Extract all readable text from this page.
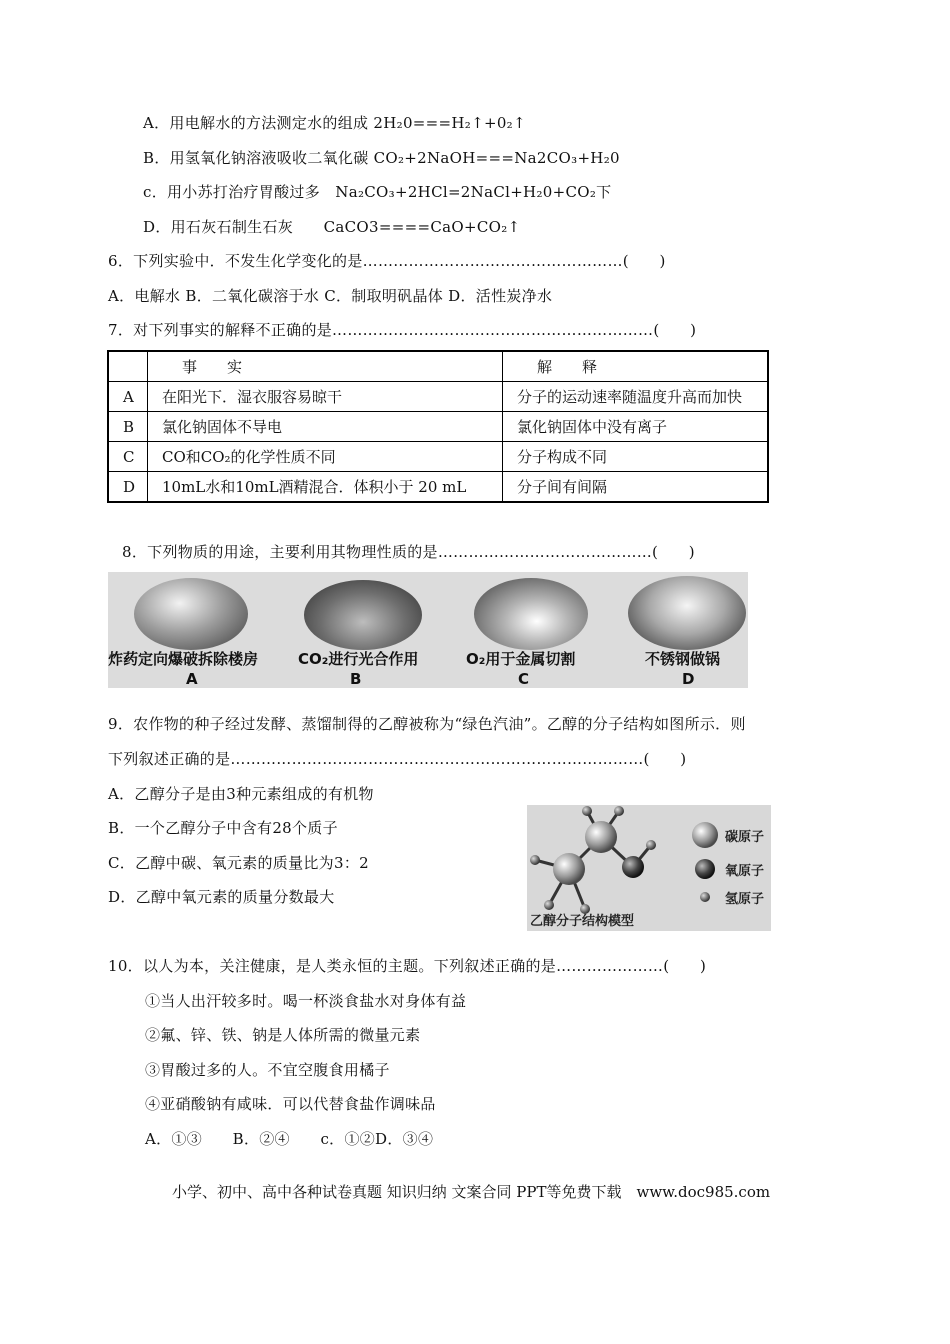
A．用电解水的方法测定水的组成 2H₂0===H₂↑+0₂↑
B．用氢氧化钠溶液吸收二氧化碳 CO₂+2NaOH===Na2CO₃+H₂0
c．用小苏打治疗胃酸过多　Na₂CO₃+2HCl=2NaCl+H₂0+CO₂下
D．用石灰石制生石灰　　CaCO3====CaO+CO₂↑
6．下列实验中．不发生化学变化的是……………………………………………(　　)
A．电解水 B．二氧化碳溶于水 C．制取明矾晶体 D．活性炭净水
7．对下列事实的解释不正确的是………………………………………………………(　　)
	事　　实	解　　释
A	在阳光下．湿衣服容易晾干	分子的运动速率随温度升高而加快
B	氯化钠固体不导电	氯化钠固体中没有离子
C	CO和CO₂的化学性质不同	分子构成不同
D	10mL水和10mL酒精混合．体积小于 20 mL	分子间有间隔
8．下列物质的用途，主要利用其物理性质的是……………………………………(　　)
炸药定向爆破拆除楼房	CO₂进行光合作用	O₂用于金属切割	不锈钢做锅
A	B	C	D
9．农作物的种子经过发酵、蒸馏制得的乙醇被称为“绿色汽油”。乙醇的分子结构如图所示．则
下列叙述正确的是………………………………………………………………………(　　)
A．乙醇分子是由3种元素组成的有机物
B．一个乙醇分子中含有28个质子
C．乙醇中碳、氧元素的质量比为3：2
D．乙醇中氧元素的质量分数最大
碳原子
氧原子
氢原子
乙醇分子结构模型
10．以人为本，关注健康，是人类永恒的主题。下列叙述正确的是…………………(　　)
①当人出汗较多时。喝一杯淡食盐水对身体有益
②氟、锌、铁、钠是人体所需的微量元素
③胃酸过多的人。不宜空腹食用橘子
④亚硝酸钠有咸味．可以代替食盐作调味品
A．①③　　B．②④　　c．①②D．③④
小学、初中、高中各种试卷真题 知识归纳 文案合同 PPT等免费下载　www.doc985.com
